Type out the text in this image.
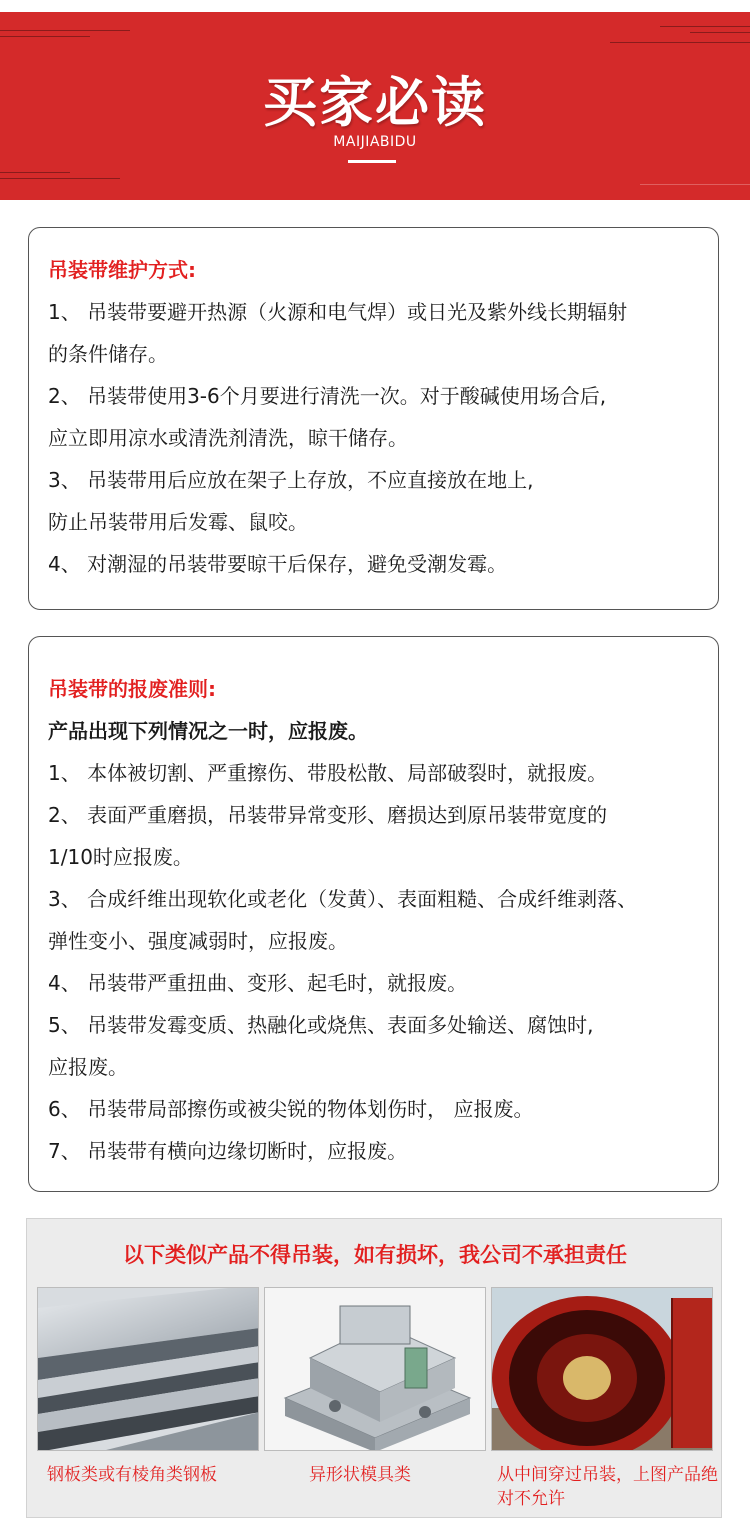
买家必读
MAIJIABIDU
吊装带维护方式:
1、 吊装带要避开热源（火源和电气焊）或日光及紫外线长期辐射
的条件储存。
2、 吊装带使用3-6个月要进行清洗一次。对于酸碱使用场合后,
应立即用凉水或清洗剂清洗，晾干储存。
3、 吊装带用后应放在架子上存放，不应直接放在地上,
防止吊装带用后发霉、鼠咬。
4、 对潮湿的吊装带要晾干后保存，避免受潮发霉。
吊装带的报废准则:
产品出现下列情况之一时，应报废。
1、 本体被切割、严重擦伤、带股松散、局部破裂时，就报废。
2、 表面严重磨损，吊装带异常变形、磨损达到原吊装带宽度的
1/10时应报废。
3、 合成纤维出现软化或老化（发黄）、表面粗糙、合成纤维剥落、
弹性变小、强度减弱时，应报废。
4、 吊装带严重扭曲、变形、起毛时，就报废。
5、 吊装带发霉变质、热融化或烧焦、表面多处输送、腐蚀时,
应报废。
6、 吊装带局部擦伤或被尖锐的物体划伤时， 应报废。
7、 吊装带有横向边缘切断时，应报废。
以下类似产品不得吊装，如有损坏，我公司不承担责任
钢板类或有棱角类钢板	异形状模具类	从中间穿过吊装，上图产品绝对不允许
